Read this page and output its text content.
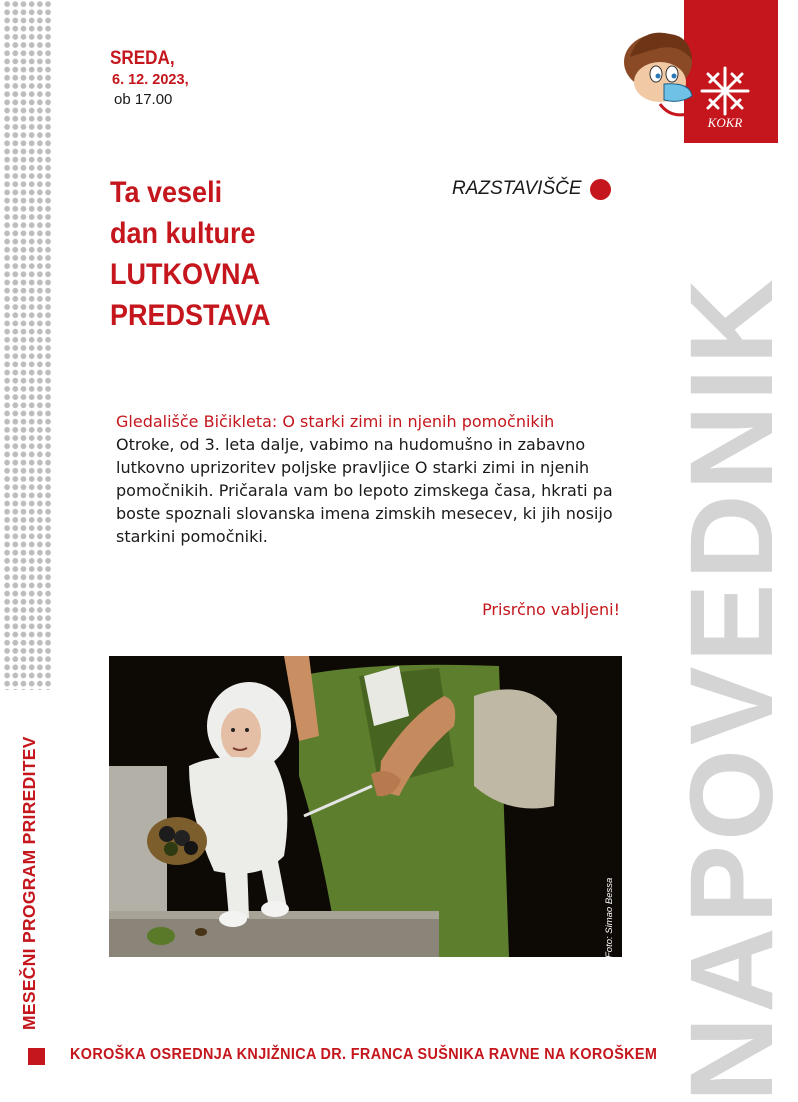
MESEČNI PROGRAM PRIREDITEV	NAPOVEDNIK
KOKR
SREDA,
6. 12. 2023,
ob 17.00
Ta veseli
dan kulture
LUTKOVNA
PREDSTAVA
RAZSTAVIŠČE
Gledališče Bičikleta: O starki zimi in njenih pomočnikih
Otroke, od 3. leta dalje, vabimo na hudomušno in zabavno lutkovno uprizoritev poljske pravljice O starki zimi in njenih pomočnikih. Pričarala vam bo lepoto zimskega časa, hkrati pa boste spoznali slovanska imena zimskih mesecev, ki jih nosijo starkini pomočniki.
Prisrčno vabljeni!
Foto: Simao Bessa
KOROŠKA OSREDNJA KNJIŽNICA DR. FRANCA SUŠNIKA RAVNE NA KOROŠKEM
